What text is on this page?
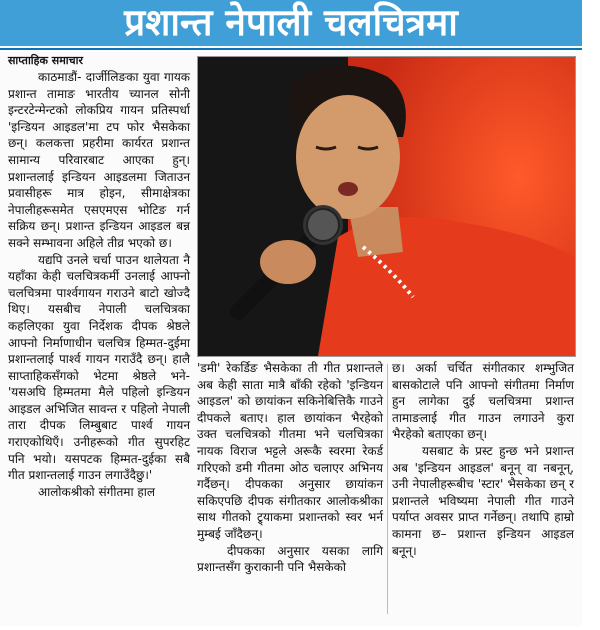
प्रशान्त नेपाली चलचित्रमा
साप्ताहिक समाचार

काठमाडौं- दार्जीलिङका युवा गायक प्रशान्त तामाङ भारतीय च्यानल सोनी इन्टरटेन्मेन्टको लोकप्रिय गायन प्रतिस्पर्धा 'इन्डियन आइडल'मा टप फोर भैसकेका छन्। कलकत्ता प्रहरीमा कार्यरत प्रशान्त सामान्य परिवारबाट आएका हुन्। प्रशान्तलाई इन्डियन आइडलमा जिताउन प्रवासीहरू मात्र होइन, सीमाक्षेत्रका नेपालीहरूसमेत एसएमएस भोटिङ गर्न सक्रिय छन्। प्रशान्त इन्डियन आइडल बन्न सक्ने सम्भावना अहिले तीव्र भएको छ।

यद्यपि उनले चर्चा पाउन थालेयता नै यहाँका केही चलचित्रकर्मी उनलाई आफ्नो चलचित्रमा पार्श्वगायन गराउने बाटो खोज्दै थिए। यसबीच नेपाली चलचित्रका कहलिएका युवा निर्देशक दीपक श्रेष्ठले आफ्नो निर्माणाधीन चलचित्र हिम्मत-दुईमा प्रशान्तलाई पार्श्व गायन गराउँदै छन्। हालै साप्ताहिकसँगको भेटमा श्रेष्ठले भने-'यसअघि हिम्मतमा मैले पहिलो इन्डियन आइडल अभिजित सावन्त र पहिलो नेपाली तारा दीपक लिम्बुबाट पार्श्व गायन गराएकोथिएँ। उनीहरूको गीत सुपरहिट पनि भयो। यसपटक हिम्मत-दुईका सबै गीत प्रशान्तलाई गाउन लगाउँदैछु।'

आलोकश्रीको संगीतमा हाल

'डमी' रेकर्डिङ भैसकेका ती गीत प्रशान्तले अब केही साता मात्रै बाँकी रहेको 'इन्डियन आइडल' को छायांकन सकिनेबित्तिकै गाउने दीपकले बताए। हाल छायांकन भैरहेको उक्त चलचित्रको गीतमा भने चलचित्रका नायक विराज भट्टले अरूकै स्वरमा रेकर्ड गरिएको डमी गीतमा ओठ चलाएर अभिनय गर्दैछन्। दीपकका अनुसार छायांकन सकिएपछि दीपक संगीतकार आलोकश्रीका साथ गीतको ट्र्याकमा प्रशान्तको स्वर भर्न मुम्बई जाँदैछन्।

दीपकका अनुसार यसका लागि प्रशान्तसँग कुराकानी पनि भैसकेको

छ। अर्का चर्चित संगीतकार शम्भुजित बासकोटाले पनि आफ्नो संगीतमा निर्माण हुन लागेका दुई चलचित्रमा प्रशान्त तामाङलाई गीत गाउन लगाउने कुरा भैरहेको बताएका छन्।

यसबाट के प्रस्ट हुन्छ भने प्रशान्त अब 'इन्डियन आइडल' बनून् वा नबनून्, उनी नेपालीहरूबीच 'स्टार' भैसकेका छन् र प्रशान्तले भविष्यमा नेपाली गीत गाउने पर्याप्त अवसर प्राप्त गर्नेछन्। तथापि हाम्रो कामना छ– प्रशान्त इन्डियन आइडल बनून्।
